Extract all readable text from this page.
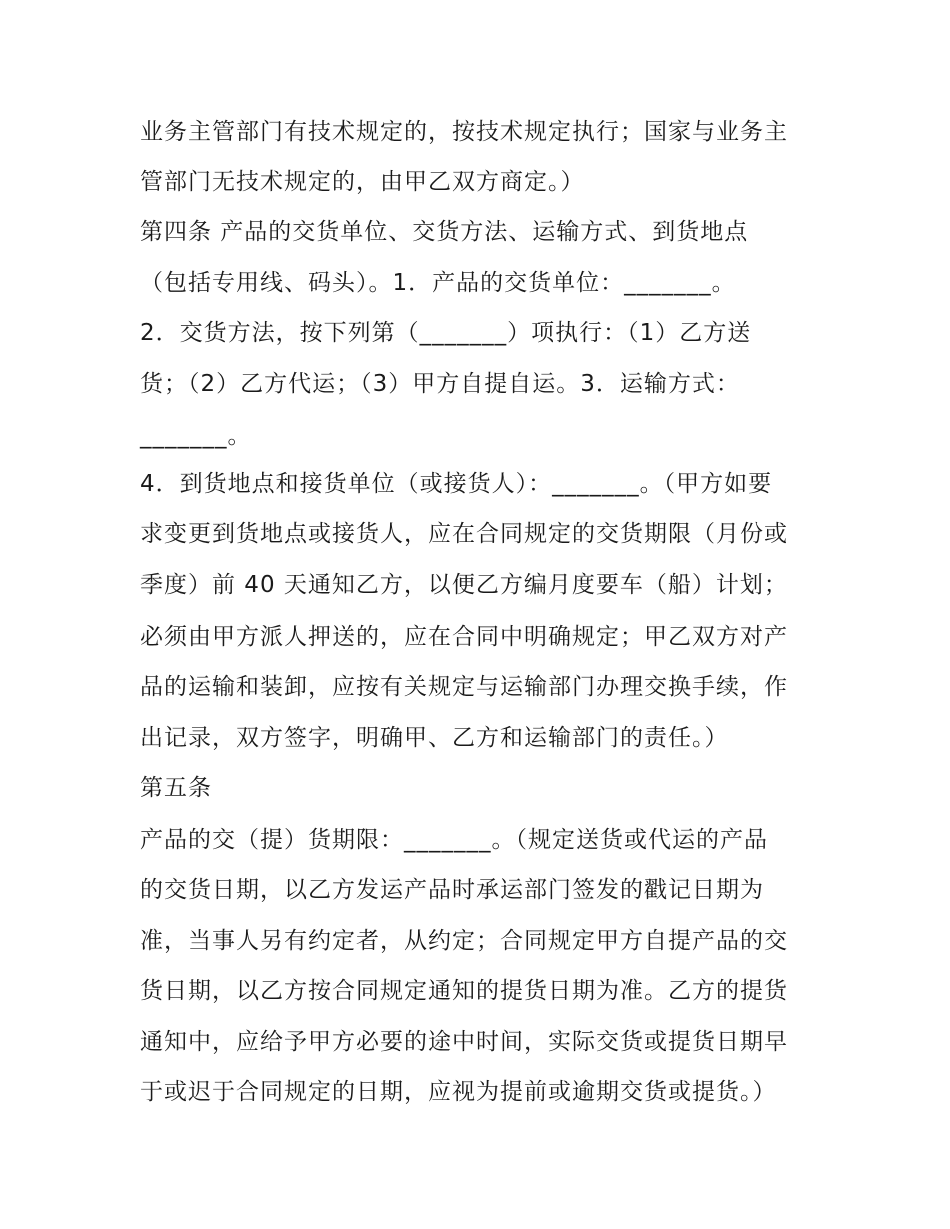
业务主管部门有技术规定的，按技术规定执行；国家与业务主
管部门无技术规定的，由甲乙双方商定。）
第四条 产品的交货单位、交货方法、运输方式、到货地点
（包括专用线、码头）。1．产品的交货单位：_______。
2．交货方法，按下列第（_______）项执行：（1）乙方送
货；（2）乙方代运；（3）甲方自提自运。3．运输方式：
_______。
4．到货地点和接货单位（或接货人）：_______。（甲方如要
求变更到货地点或接货人，应在合同规定的交货期限（月份或
季度）前 40 天通知乙方，以便乙方编月度要车（船）计划；
必须由甲方派人押送的，应在合同中明确规定；甲乙双方对产
品的运输和装卸，应按有关规定与运输部门办理交换手续，作
出记录，双方签字，明确甲、乙方和运输部门的责任。）
第五条
产品的交（提）货期限：_______。（规定送货或代运的产品
的交货日期，以乙方发运产品时承运部门签发的戳记日期为
准，当事人另有约定者，从约定；合同规定甲方自提产品的交
货日期，以乙方按合同规定通知的提货日期为准。乙方的提货
通知中，应给予甲方必要的途中时间，实际交货或提货日期早
于或迟于合同规定的日期，应视为提前或逾期交货或提货。）
